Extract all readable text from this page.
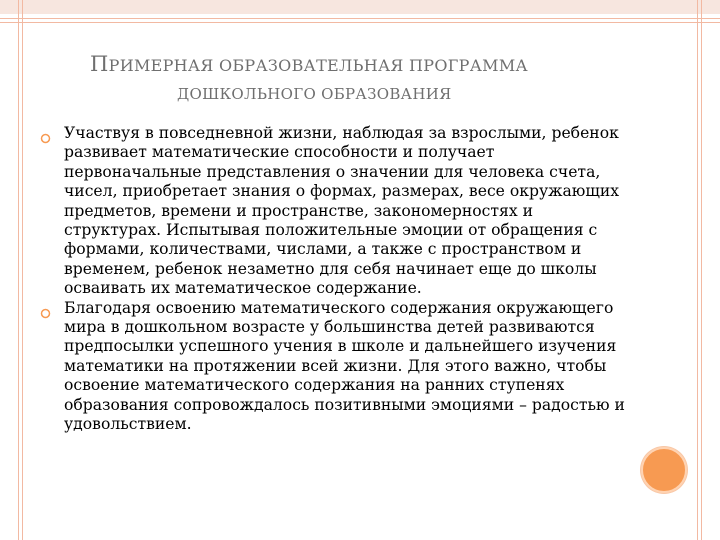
ПРИМЕРНАЯ ОБРАЗОВАТЕЛЬНАЯ ПРОГРАММА
ДОШКОЛЬНОГО ОБРАЗОВАНИЯ
Участвуя в повседневной жизни, наблюдая за взрослыми, ребенок развивает математические способности и получает первоначальные представления о значении для человека счета, чисел, приобретает знания о формах, размерах, весе окружающих предметов, времени и пространстве, закономерностях и структурах. Испытывая положительные эмоции от обращения с формами, количествами, числами, а также с пространством и временем, ребенок незаметно для себя начинает еще до школы осваивать их математическое содержание.
Благодаря освоению математического содержания окружающего мира в дошкольном возрасте у большинства детей развиваются предпосылки успешного учения в школе и дальнейшего изучения математики на протяжении всей жизни. Для этого важно, чтобы освоение математического содержания на ранних ступенях образования сопровождалось позитивными эмоциями – радостью и удовольствием.
